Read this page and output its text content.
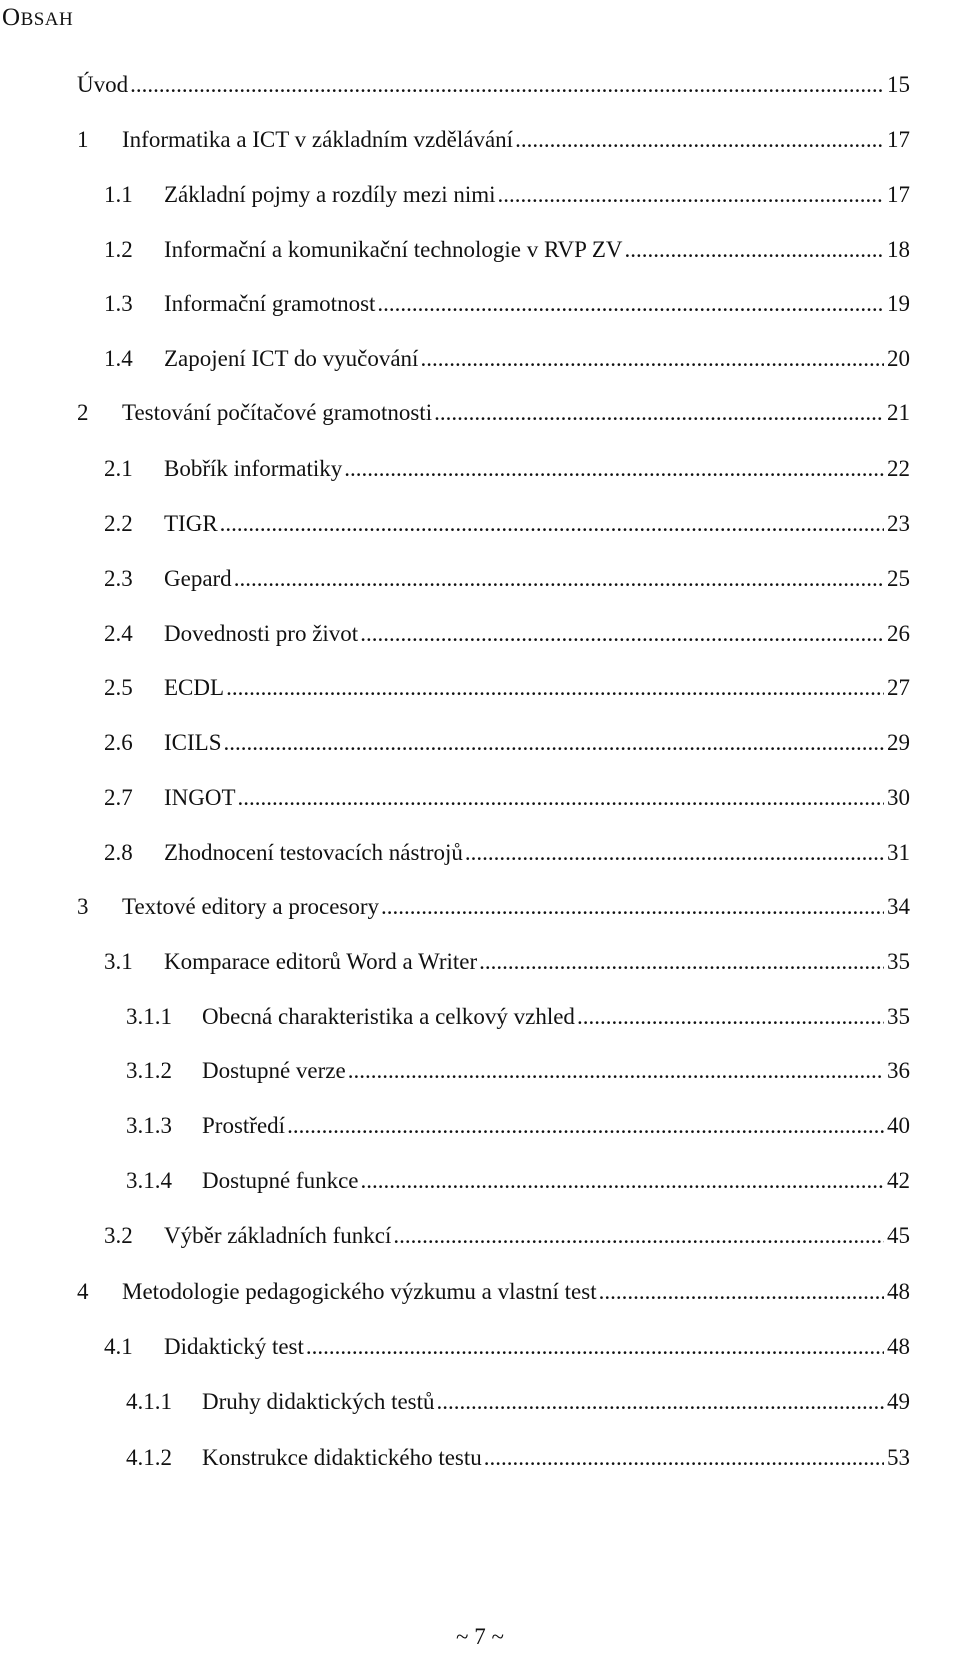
OBSAH
Úvod .....	15
1	Informatika a ICT v základním vzdělávání .....	17
1.1	Základní pojmy a rozdíly mezi nimi .....	17
1.2	Informační a komunikační technologie v RVP ZV .....	18
1.3	Informační gramotnost .....	19
1.4	Zapojení ICT do vyučování .....	20
2	Testování počítačové gramotnosti .....	21
2.1	Bobřík informatiky .....	22
2.2	TIGR .....	23
2.3	Gepard .....	25
2.4	Dovednosti pro život .....	26
2.5	ECDL .....	27
2.6	ICILS .....	29
2.7	INGOT .....	30
2.8	Zhodnocení testovacích nástrojů .....	31
3	Textové editory a procesory .....	34
3.1	Komparace editorů Word a Writer .....	35
3.1.1	Obecná charakteristika a celkový vzhled .....	35
3.1.2	Dostupné verze .....	36
3.1.3	Prostředí .....	40
3.1.4	Dostupné funkce .....	42
3.2	Výběr základních funkcí .....	45
4	Metodologie pedagogického výzkumu a vlastní test .....	48
4.1	Didaktický test .....	48
4.1.1	Druhy didaktických testů .....	49
4.1.2	Konstrukce didaktického testu .....	53
~ 7 ~
